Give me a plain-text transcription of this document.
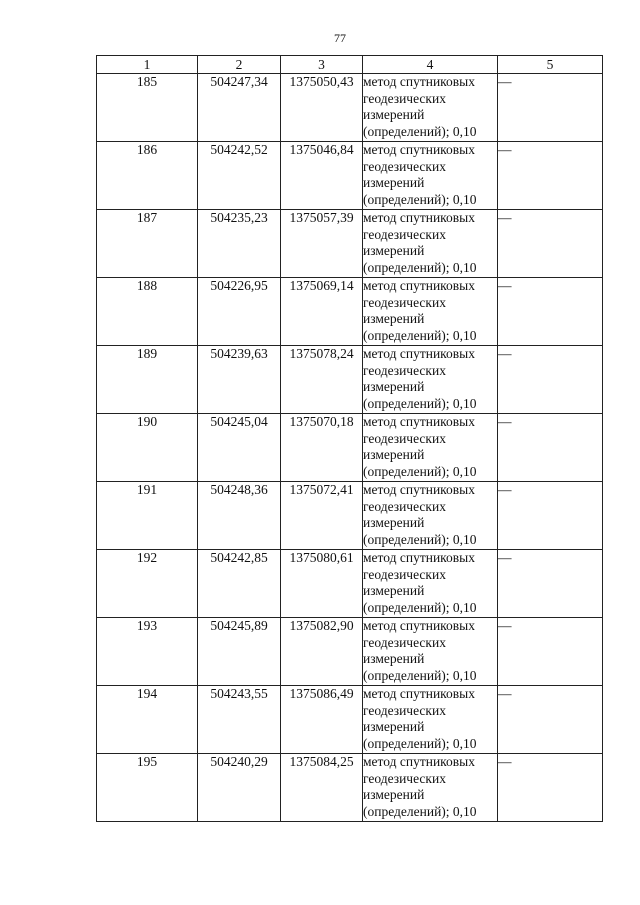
77
1	2	3	4	5
185	504247,34	1375050,43	метод спутниковых
геодезических
измерений
(определений); 0,10	—
186	504242,52	1375046,84	метод спутниковых
геодезических
измерений
(определений); 0,10	—
187	504235,23	1375057,39	метод спутниковых
геодезических
измерений
(определений); 0,10	—
188	504226,95	1375069,14	метод спутниковых
геодезических
измерений
(определений); 0,10	—
189	504239,63	1375078,24	метод спутниковых
геодезических
измерений
(определений); 0,10	—
190	504245,04	1375070,18	метод спутниковых
геодезических
измерений
(определений); 0,10	—
191	504248,36	1375072,41	метод спутниковых
геодезических
измерений
(определений); 0,10	—
192	504242,85	1375080,61	метод спутниковых
геодезических
измерений
(определений); 0,10	—
193	504245,89	1375082,90	метод спутниковых
геодезических
измерений
(определений); 0,10	—
194	504243,55	1375086,49	метод спутниковых
геодезических
измерений
(определений); 0,10	—
195	504240,29	1375084,25	метод спутниковых
геодезических
измерений
(определений); 0,10	—
